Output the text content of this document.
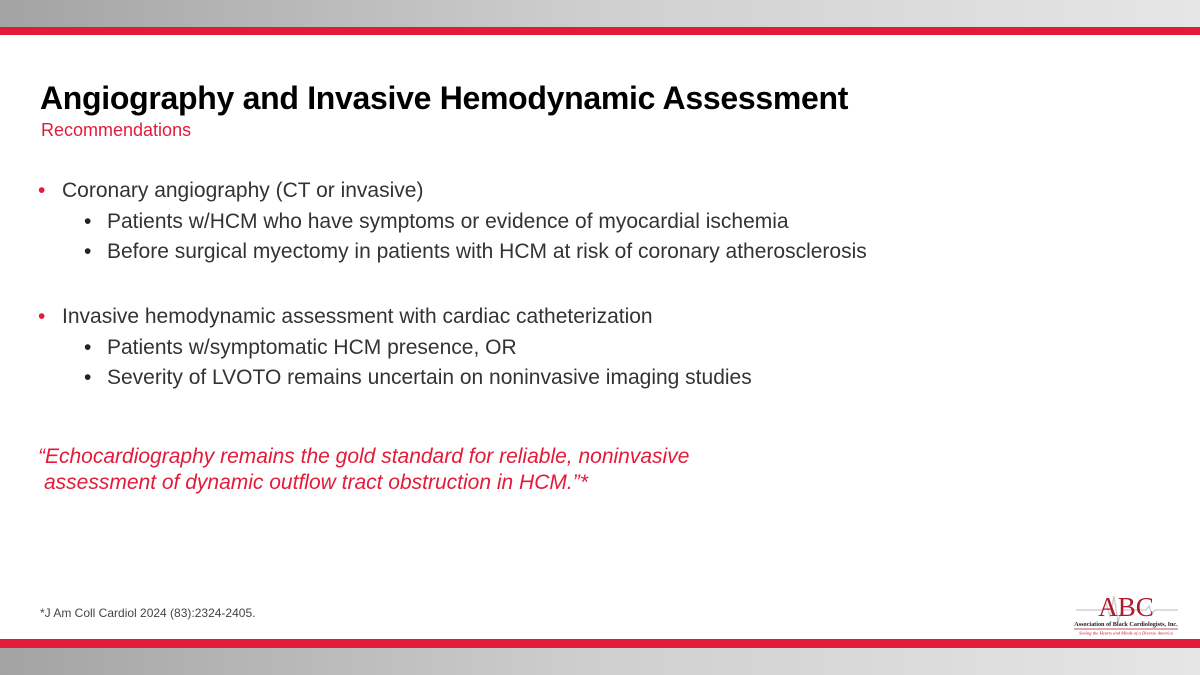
Angiography and Invasive Hemodynamic Assessment
Recommendations
• Coronary angiography (CT or invasive)
• Patients w/HCM who have symptoms or evidence of myocardial ischemia
• Before surgical myectomy in patients with HCM at risk of coronary atherosclerosis
• Invasive hemodynamic assessment with cardiac catheterization
• Patients w/symptomatic HCM presence, OR
• Severity of LVOTO remains uncertain on noninvasive imaging studies
“Echocardiography remains the gold standard for reliable, noninvasive
assessment of dynamic outflow tract obstruction in HCM.”*
*J Am Coll Cardiol 2024 (83):2324-2405.	ABC
Association of Black Cardiologists, Inc.
Saving the Hearts and Minds of a Diverse America
